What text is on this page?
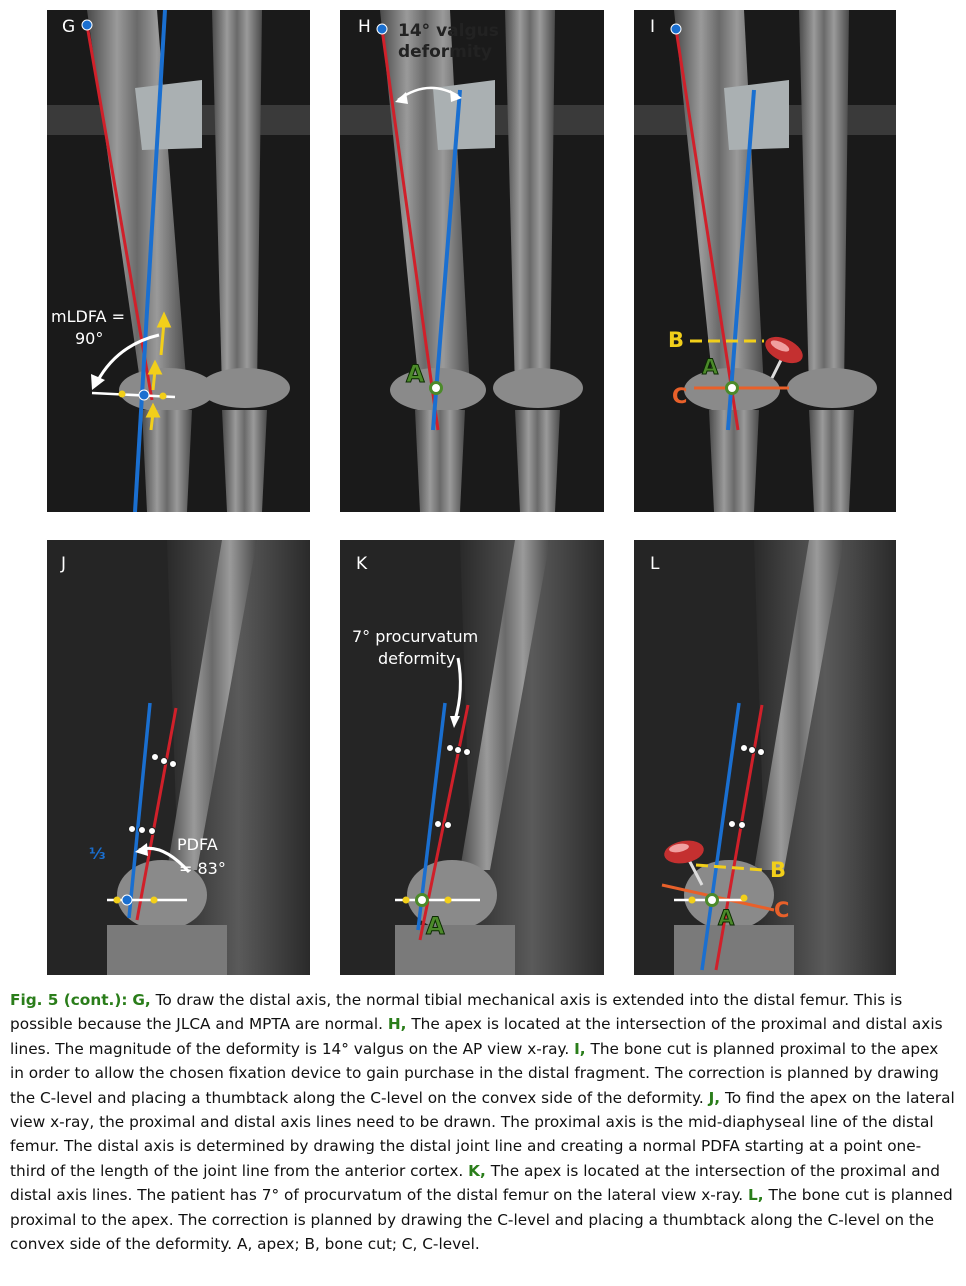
G
mLDFA =
90°
H 14° valgus
deformity
A
I
B
A
C
J
PDFA
= 83°
⅓
K
7° procurvatum
deformity
A
L
B
A C

Fig. 5 (cont.): G, To draw the distal axis, the normal tibial mechanical axis is extended into the distal femur. This is possible because the JLCA and MPTA are normal. H, The apex is located at the intersection of the proximal and distal axis lines. The magnitude of the deformity is 14° valgus on the AP view x-ray. I, The bone cut is planned proximal to the apex in order to allow the chosen fixation device to gain purchase in the distal fragment. The correction is planned by drawing the C-level and placing a thumbtack along the C-level on the convex side of the deformity. J, To find the apex on the lateral view x-ray, the proximal and distal axis lines need to be drawn. The proximal axis is the mid-diaphyseal line of the distal femur. The distal axis is determined by drawing the distal joint line and creating a normal PDFA starting at a point one-third of the length of the joint line from the anterior cortex. K, The apex is located at the intersection of the proximal and distal axis lines. The patient has 7° of procurvatum of the distal femur on the lateral view x-ray. L, The bone cut is planned proximal to the apex. The correction is planned by drawing the C-level and placing a thumbtack along the C-level on the convex side of the deformity. A, apex; B, bone cut; C, C-level.
